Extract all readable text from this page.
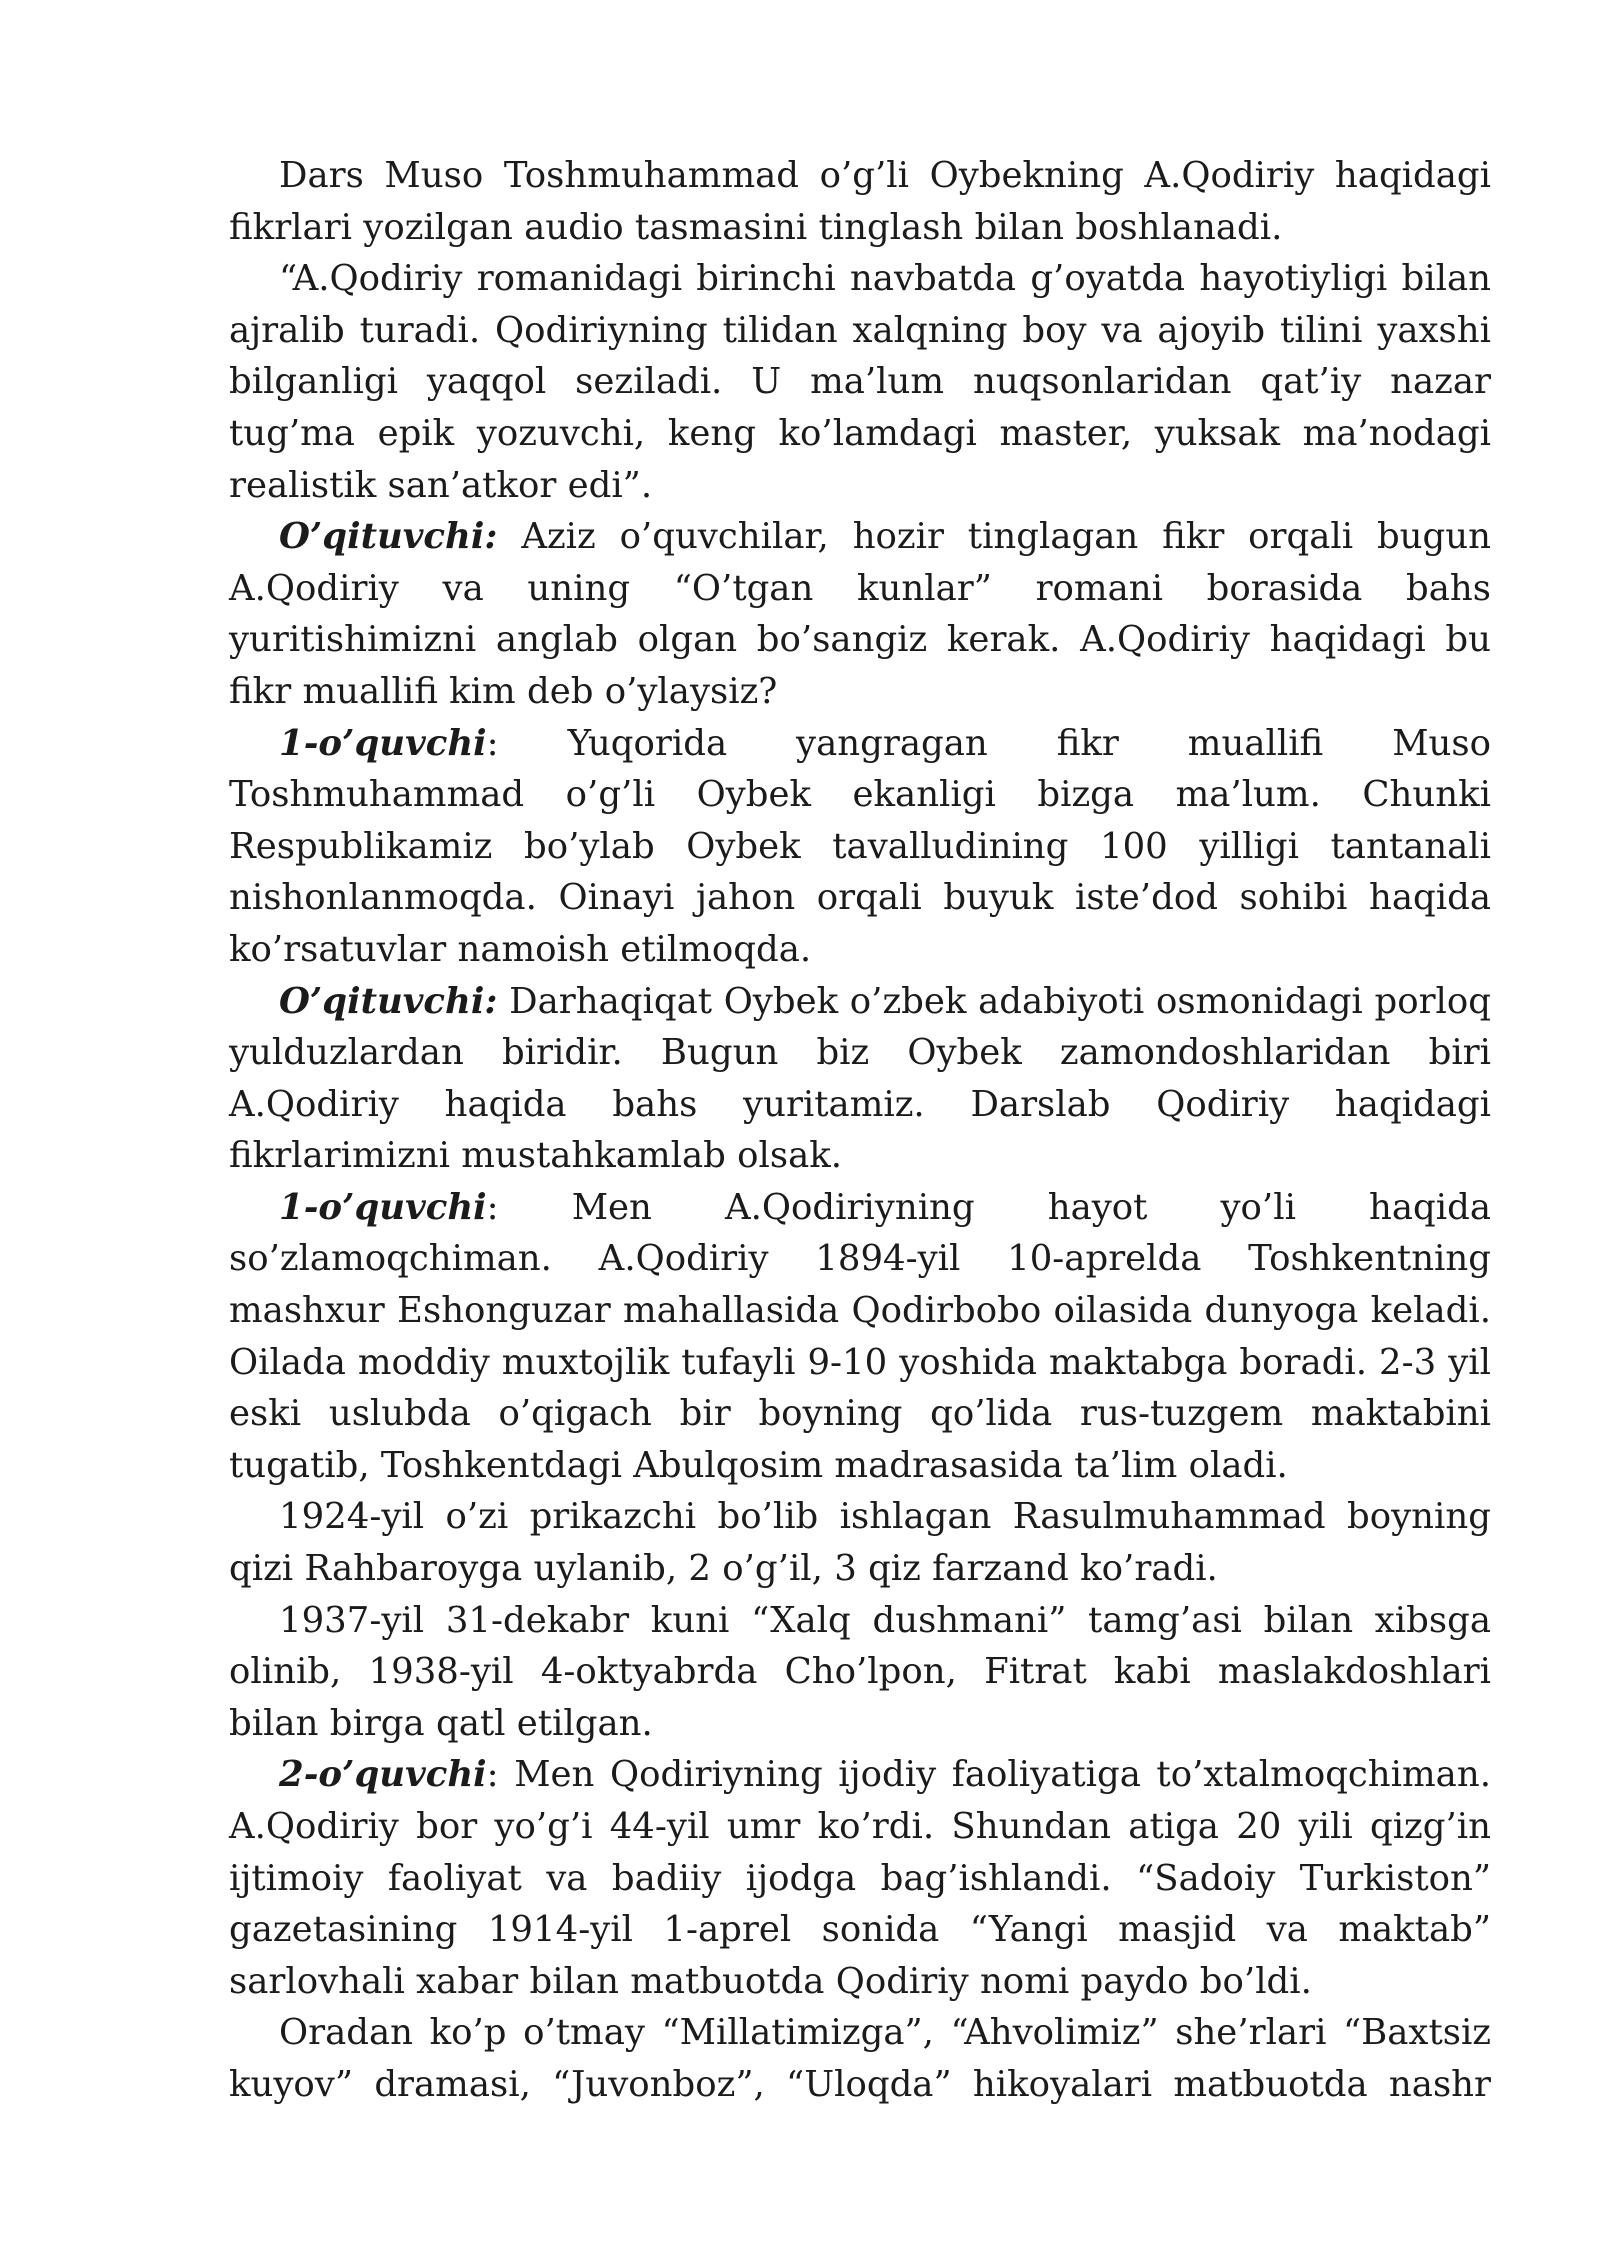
Dars Muso Toshmuhammad o’g’li Oybekning A.Qodiriy haqidagi fikrlari yozilgan audio tasmasini tinglash bilan boshlanadi.

“A.Qodiriy romanidagi birinchi navbatda g’oyatda hayotiyligi bilan ajralib turadi. Qodiriyning tilidan xalqning boy va ajoyib tilini yaxshi bilganligi yaqqol seziladi. U ma’lum nuqsonlaridan qat’iy nazar tug’ma epik yozuvchi, keng ko’lamdagi master, yuksak ma’nodagi realistik san’atkor edi”.

O’qituvchi: Aziz o’quvchilar, hozir tinglagan fikr orqali bugun A.Qodiriy va uning “O’tgan kunlar” romani borasida bahs yuritishimizni anglab olgan bo’sangiz kerak. A.Qodiriy haqidagi bu fikr muallifi kim deb o’ylaysiz?

1-o’quvchi: Yuqorida yangragan fikr muallifi Muso Toshmuhammad o’g’li Oybek ekanligi bizga ma’lum. Chunki Respublikamiz bo’ylab Oybek tavalludining 100 yilligi tantanali nishonlanmoqda. Oinayi jahon orqali buyuk iste’dod sohibi haqida ko’rsatuvlar namoish etilmoqda.

O’qituvchi: Darhaqiqat Oybek o’zbek adabiyoti osmonidagi porloq yulduzlardan biridir. Bugun biz Oybek zamondoshlaridan biri A.Qodiriy haqida bahs yuritamiz. Darslab Qodiriy haqidagi fikrlarimizni mustahkamlab olsak.

1-o’quvchi: Men A.Qodiriyning hayot yo’li haqida so’zlamoqchiman. A.Qodiriy 1894-yil 10-aprelda Toshkentning mashxur Eshonguzar mahallasida Qodirbobo oilasida dunyoga keladi. Oilada moddiy muxtojlik tufayli 9-10 yoshida maktabga boradi. 2-3 yil eski uslubda o’qigach bir boyning qo’lida rus-tuzgem maktabini tugatib, Toshkentdagi Abulqosim madrasasida ta’lim oladi.

1924-yil o’zi prikazchi bo’lib ishlagan Rasulmuhammad boyning qizi Rahbaroyga uylanib, 2 o’g’il, 3 qiz farzand ko’radi.

1937-yil 31-dekabr kuni “Xalq dushmani” tamg’asi bilan xibsga olinib, 1938-yil 4-oktyabrda Cho’lpon, Fitrat kabi maslakdoshlari bilan birga qatl etilgan.

2-o’quvchi: Men Qodiriyning ijodiy faoliyatiga to’xtalmoqchiman. A.Qodiriy bor yo’g’i 44-yil umr ko’rdi. Shundan atiga 20 yili qizg’in ijtimoiy faoliyat va badiiy ijodga bag’ishlandi. “Sadoiy Turkiston” gazetasining 1914-yil 1-aprel sonida “Yangi masjid va maktab” sarlovhali xabar bilan matbuotda Qodiriy nomi paydo bo’ldi.

Oradan ko’p o’tmay “Millatimizga”, “Ahvolimiz” she’rlari “Baxtsiz kuyov” dramasi, “Juvonboz”, “Uloqda” hikoyalari matbuotda nashr
